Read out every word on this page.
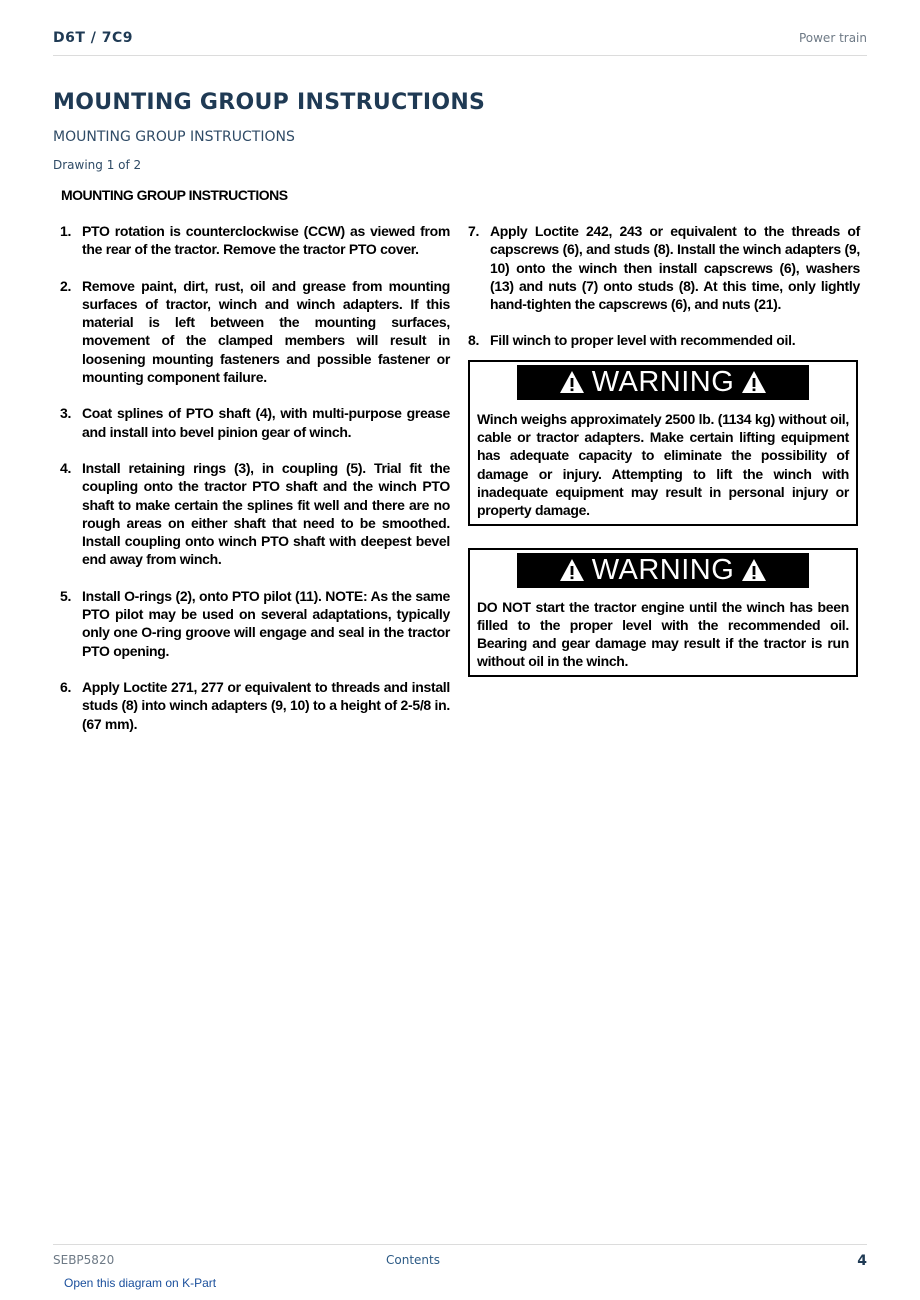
D6T / 7C9	Power train
MOUNTING GROUP INSTRUCTIONS
MOUNTING GROUP INSTRUCTIONS
Drawing 1 of 2
MOUNTING GROUP INSTRUCTIONS
1. PTO rotation is counterclockwise (CCW) as viewed from the rear of the tractor. Remove the tractor PTO cover.
2. Remove paint, dirt, rust, oil and grease from mounting surfaces of tractor, winch and winch adapters. If this material is left between the mounting surfaces, movement of the clamped members will result in loosening mounting fasteners and possible fastener or mounting component failure.
3. Coat splines of PTO shaft (4), with multi-purpose grease and install into bevel pinion gear of winch.
4. Install retaining rings (3), in coupling (5). Trial fit the coupling onto the tractor PTO shaft and the winch PTO shaft to make certain the splines fit well and there are no rough areas on either shaft that need to be smoothed. Install coupling onto winch PTO shaft with deepest bevel end away from winch.
5. Install O-rings (2), onto PTO pilot (11). NOTE: As the same PTO pilot may be used on several adaptations, typically only one O-ring groove will engage and seal in the tractor PTO opening.
6. Apply Loctite 271, 277 or equivalent to threads and install studs (8) into winch adapters (9, 10) to a height of 2-5/8 in. (67 mm).
7. Apply Loctite 242, 243 or equivalent to the threads of capscrews (6), and studs (8). Install the winch adapters (9, 10) onto the winch then install capscrews (6), washers (13) and nuts (7) onto studs (8). At this time, only lightly hand-tighten the capscrews (6), and nuts (21).
8. Fill winch to proper level with recommended oil.
WARNING
Winch weighs approximately 2500 lb. (1134 kg) without oil, cable or tractor adapters. Make certain lifting equipment has adequate capacity to eliminate the possibility of damage or injury. Attempting to lift the winch with inadequate equipment may result in personal injury or property damage.
WARNING
DO NOT start the tractor engine until the winch has been filled to the proper level with the recommended oil. Bearing and gear damage may result if the tractor is run without oil in the winch.
SEBP5820	Contents	4
Open this diagram on K-Part
